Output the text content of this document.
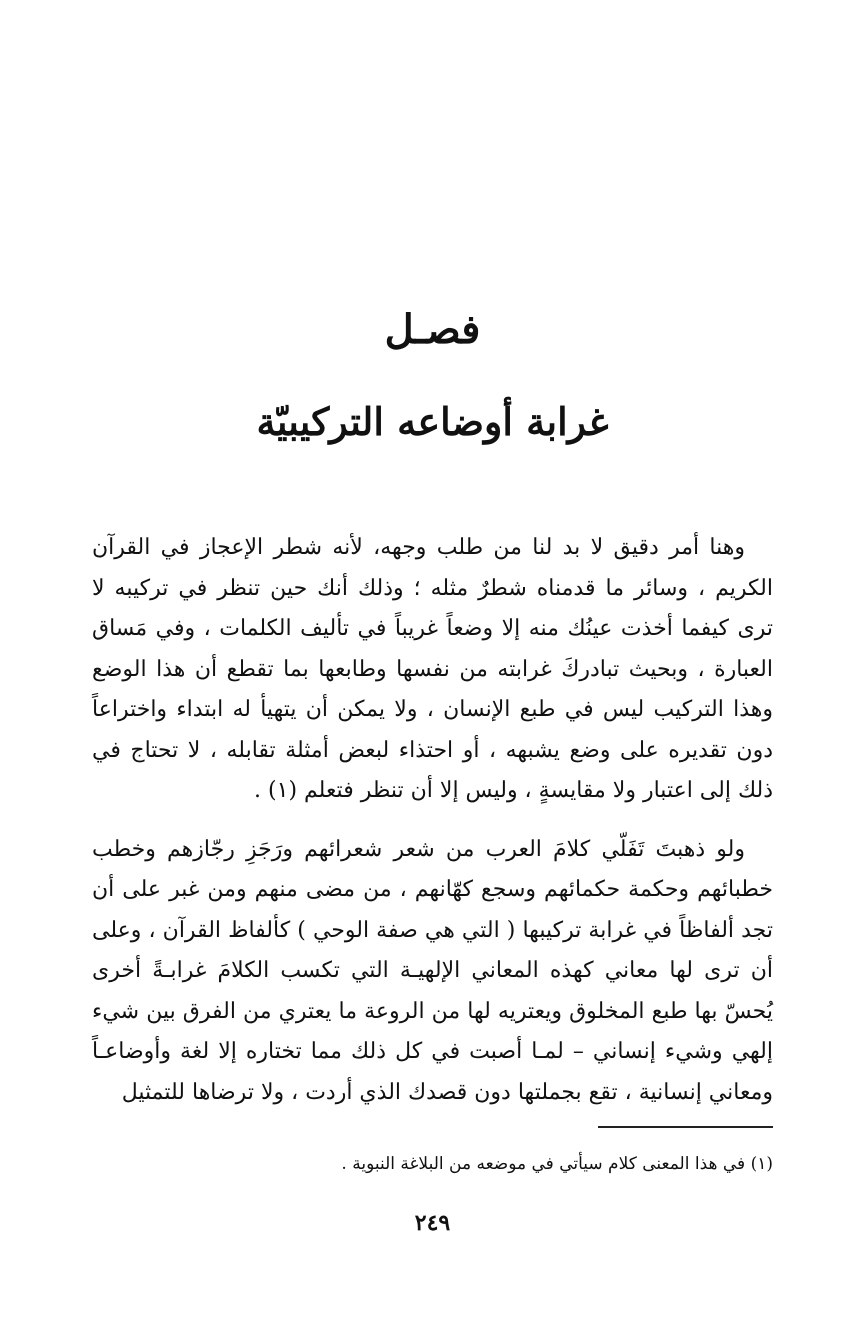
فصـل
غرابة أوضاعه التركيبيّة

وهنا أمر دقيق لا بد لنا من طلب وجهه، لأنه شطر الإعجاز في القرآن الكريم ، وسائر ما قدمناه شطرٌ مثله ؛ وذلك أنك حين تنظر في تركيبه لا ترى كيفما أخذت عينُك منه إلا وضعاً غريباً في تأليف الكلمات ، وفي مَساق العبارة ، وبحيث تبادركَ غرابته من نفسها وطابعها بما تقطع أن هذا الوضع وهذا التركيب ليس في طبع الإنسان ، ولا يمكن أن يتهيأ له ابتداء واختراعاً دون تقديره على وضع يشبهه ، أو احتذاء لبعض أمثلة تقابله ، لا تحتاج في ذلك إلى اعتبار ولا مقايسةٍ ، وليس إلا أن تنظر فتعلم (١) .

ولو ذهبتَ تَفَلّي كلامَ العرب من شعر شعرائهم ورَجَزِ رجّازهم وخطب خطبائهم وحكمة حكمائهم وسجع كهّانهم ، من مضى منهم ومن غبر على أن تجد ألفاظاً في غرابة تركيبها ( التي هي صفة الوحي ) كألفاظ القرآن ، وعلى أن ترى لها معاني كهذه المعاني الإلهيـة التي تكسب الكلامَ غرابـةً أخرى يُحسّ بها طبع المخلوق ويعتريه لها من الروعة ما يعتري من الفرق بين شيء إلهي وشيء إنساني – لمـا أصبت في كل ذلك مما تختاره إلا لغة وأوضاعـاً ومعاني إنسانية ، تقع بجملتها دون قصدك الذي أردت ، ولا ترضاها للتمثيل

(١) في هذا المعنى كلام سيأتي في موضعه من البلاغة النبوية .
٢٤٩
